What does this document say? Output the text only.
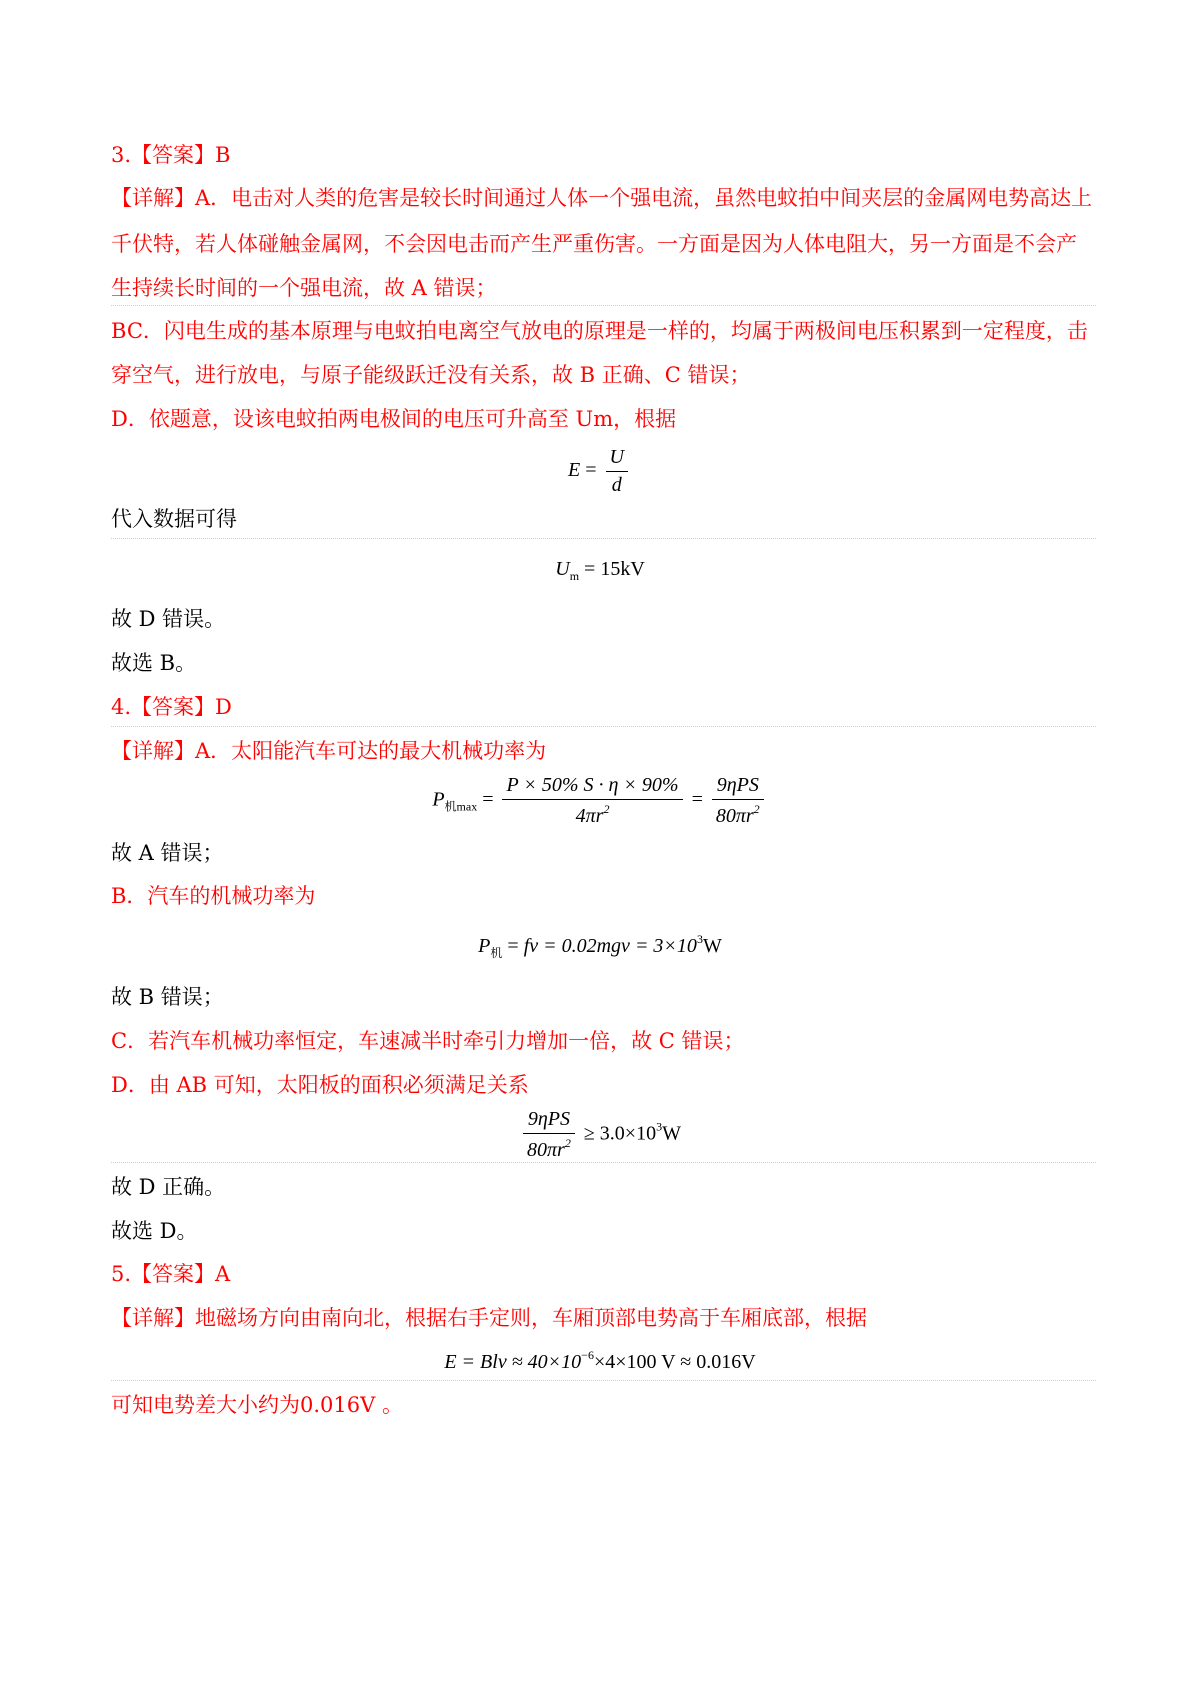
3.【答案】B
【详解】A．电击对人类的危害是较长时间通过人体一个强电流，虽然电蚊拍中间夹层的金属网电势高达上
千伏特，若人体碰触金属网，不会因电击而产生严重伤害。一方面是因为人体电阻大，另一方面是不会产
生持续长时间的一个强电流，故 A 错误；
BC．闪电生成的基本原理与电蚊拍电离空气放电的原理是一样的，均属于两极间电压积累到一定程度，击
穿空气，进行放电，与原子能级跃迁没有关系，故 B 正确、C 错误；
D．依题意，设该电蚊拍两电极间的电压可升高至 Um，根据
$E = \frac{U}{d}$
代入数据可得
$U_m = 15kV$
故 D 错误。
故选 B。
4.【答案】D
【详解】A．太阳能汽车可达的最大机械功率为
$P_{机max} = \frac{P \times 50\% S \cdot \eta \times 90\%}{4\pi r^2} = \frac{\text{9ηPS}}{80\pi r^2}$
故 A 错误；
B．汽车的机械功率为
$P_机$ = fv = $0.02mgv = 3\times 10^3W$
故 B 错误；
C．若汽车机械功率恒定，车速减半时牵引力增加一倍，故 C 错误；
D．由 AB 可知，太阳板的面积必须满足关系
$\frac{\text{9ηPS}}{80\pi r^2} \ge 3.0\times 10^3W$
故 D 正确。
故选 D。
5.【答案】A
【详解】地磁场方向由南向北，根据右手定则，车厢顶部电势高于车厢底部，根据
E = Blv ≈ $40\times 10^{-6}\times 4\times 100$ V ≈ 0.016V
可知电势差大小约为0.016V 。
